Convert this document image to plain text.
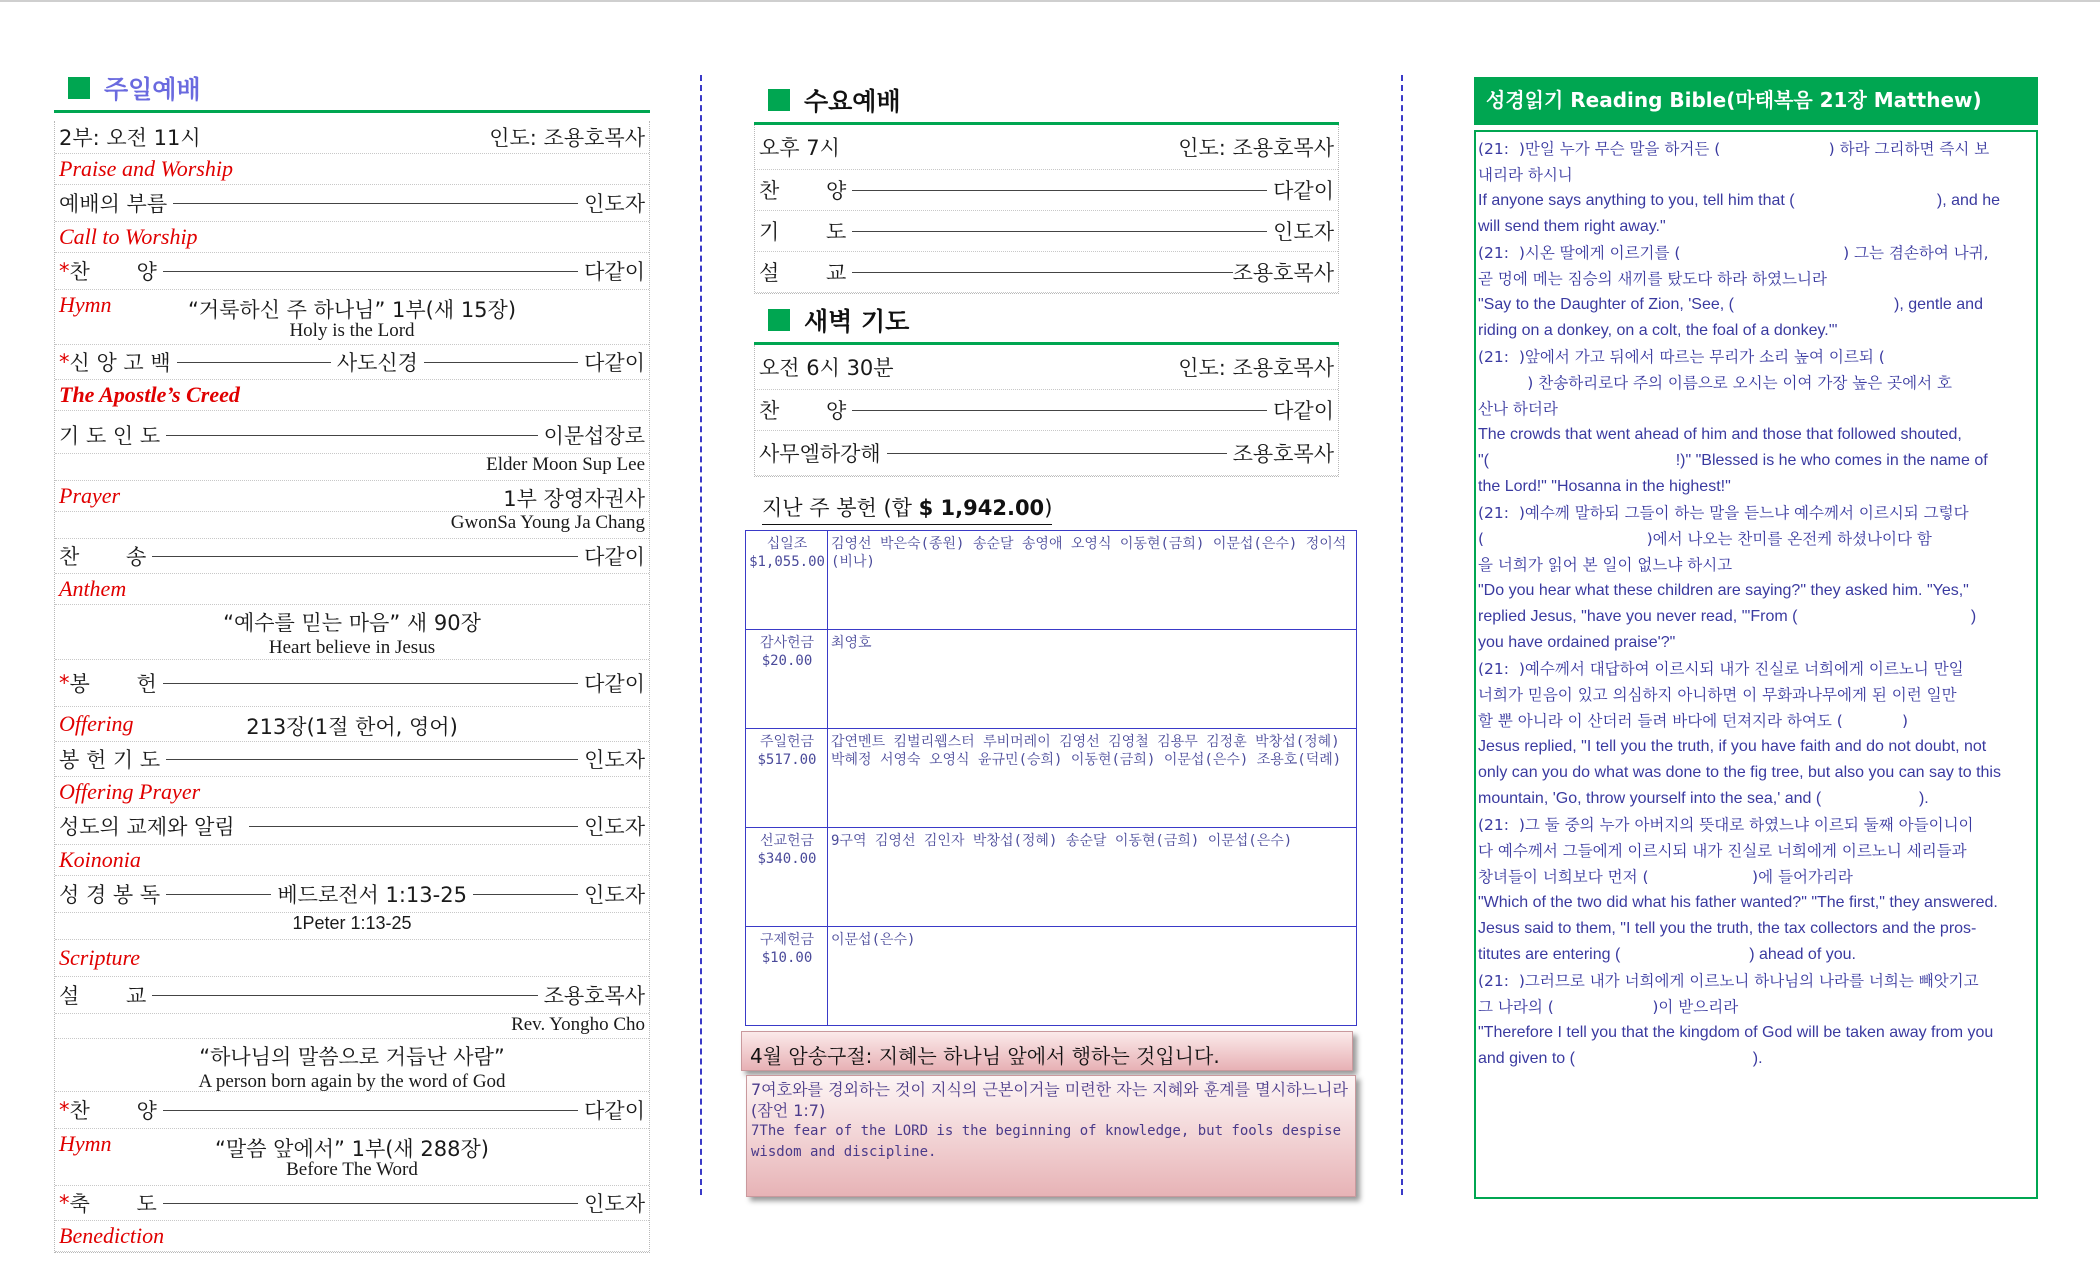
주일예배
2부: 오전 11시	인도: 조용호목사
Praise and Worship
예배의 부름	인도자
Call to Worship
* 찬       양	다같이
Hymn	“거룩하신 주 하나님” 1부(새 15장)
Holy is the Lord
* 신 앙 고 백	사도신경	다같이
The Apostle’s Creed
기 도 인 도	이문섭장로
Elder Moon Sup Lee
Prayer	1부 장영자권사
GwonSa Young Ja Chang
찬       송	다같이
Anthem
“예수를 믿는 마음” 새 90장
Heart believe in Jesus
* 봉       헌	다같이
Offering	213장(1절 한어, 영어)
봉 헌 기 도	인도자
Offering Prayer
성도의 교제와 알림	인도자
Koinonia
성 경 봉 독	베드로전서 1:13-25	인도자
1Peter 1:13-25
Scripture
설       교	조용호목사
Rev. Yongho Cho
“하나님의 말씀으로 거듭난 사람”
A person born again by the word of God
* 찬       양	다같이
Hymn	“말씀 앞에서” 1부(새 288장)
Before The Word
* 축       도	인도자
Benediction
수요예배
오후 7시	인도: 조용호목사
찬       양	다같이
기       도	인도자
설       교	조용호목사
새벽 기도
오전 6시 30분	인도: 조용호목사
찬       양	다같이
사무엘하강해	조용호목사
지난 주 봉헌 (합 $ 1,942.00)
십일조
$1,055.00	김영선 박은숙(종원) 송순달 송영애 오영식 이동현(금희) 이문섭(은수) 정이석(비나)

감사헌금
$20.00	최영호

주일헌금
$517.00	갑연멘트 킴벌리웹스터 루비머레이 김영선 김영철 김용무 김정훈 박창섭(정혜) 박혜정 서영숙 오영식 윤규민(승희) 이동현(금희) 이문섭(은수) 조용호(덕례)

선교헌금
$340.00	9구역 김영선 김인자 박창섭(정혜) 송순달 이동현(금희) 이문섭(은수)

구제헌금
$10.00	이문섭(은수)
4월 암송구절: 지혜는 하나님 앞에서 행하는 것입니다.
7여호와를 경외하는 것이 지식의 근본이거늘 미련한 자는 지혜와 훈계를 멸시하느니라(잠언 1:7)
7The fear of the LORD is the beginning of knowledge, but fools despise wisdom and discipline.
성경읽기 Reading Bible(마태복음 21장 Matthew)
(21:  )만일 누가 무슨 말을 하거든 (                      ) 하라 그리하면 즉시 보
내리라 하시니
If anyone says anything to you, tell him that (                                ), and he
will send them right away."
(21:  )시온 딸에게 이르기를 (                                 ) 그는 겸손하여 나귀,
곧 멍에 메는 짐승의 새끼를 탔도다 하라 하였느니라
"Say to the Daughter of Zion, 'See, (                                    ), gentle and
riding on a donkey, on a colt, the foal of a donkey.'"
(21:  )앞에서 가고 뒤에서 따르는 무리가 소리 높여 이르되 (
) 찬송하리로다 주의 이름으로 오시는 이여 가장 높은 곳에서 호
산나 하더라
The crowds that went ahead of him and those that followed shouted,
"(                                          !)" "Blessed is he who comes in the name of
the Lord!" "Hosanna in the highest!"
(21:  )예수께 말하되 그들이 하는 말을 듣느냐 예수께서 이르시되 그렇다
(                                 )에서 나오는 찬미를 온전케 하셨나이다 함
을 너희가 읽어 본 일이 없느냐 하시고
"Do you hear what these children are saying?" they asked him. "Yes,"
replied Jesus, "have you never read, '"From (                                       )
you have ordained praise'?"
(21:  )예수께서 대답하여 이르시되 내가 진실로 너희에게 이르노니 만일
너희가 믿음이 있고 의심하지 아니하면 이 무화과나무에게 된 이런 일만
할 뿐 아니라 이 산더러 들려 바다에 던져지라 하여도 (            )
Jesus replied, "I tell you the truth, if you have faith and do not doubt, not
only can you do what was done to the fig tree, but also you can say to this
mountain, 'Go, throw yourself into the sea,' and (                      ).
(21:  )그 둘 중의 누가 아버지의 뜻대로 하였느냐 이르되 둘째 아들이니이
다 예수께서 그들에게 이르시되 내가 진실로 너희에게 이르노니 세리들과
창녀들이 너희보다 먼저 (                     )에 들어가리라
"Which of the two did what his father wanted?" "The first," they answered.
Jesus said to them, "I tell you the truth, the tax collectors and the pros-
titutes are entering (                             ) ahead of you.
(21:  )그러므로 내가 너희에게 이르노니 하나님의 나라를 너희는 빼앗기고
그 나라의 (                    )이 받으리라
"Therefore I tell you that the kingdom of God will be taken away from you
and given to (                                        ).
